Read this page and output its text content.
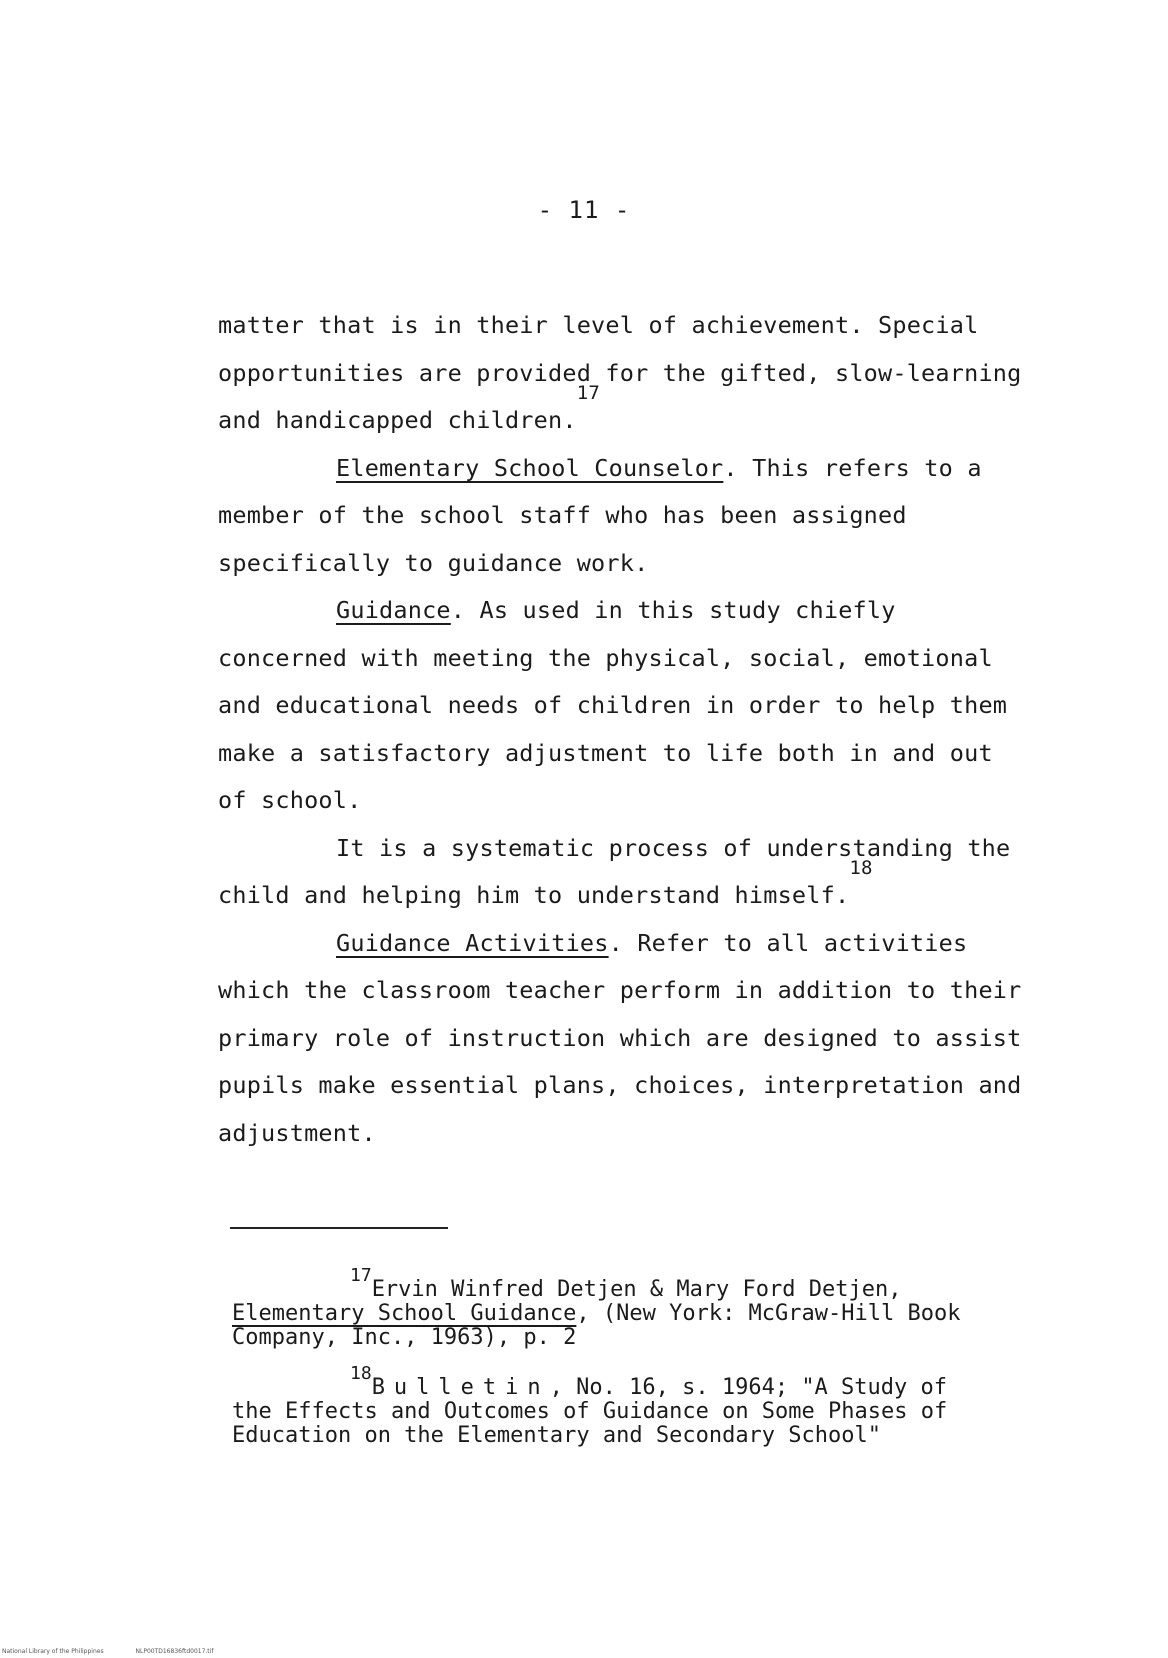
- 11 -
matter that is in their level of achievement. Special
opportunities are provided for the gifted, slow-learning
and handicapped children.$^{17}$
Elementary School Counselor. This refers to a
member of the school staff who has been assigned
specifically to guidance work.
Guidance. As used in this study chiefly
concerned with meeting the physical, social, emotional
and educational needs of children in order to help them
make a satisfactory adjustment to life both in and out
of school.
It is a systematic process of understanding the
child and helping him to understand himself.$^{18}$
Guidance Activities. Refer to all activities
which the classroom teacher perform in addition to their
primary role of instruction which are designed to assist
pupils make essential plans, choices, interpretation and
adjustment.
$^{17}$Ervin Winfred Detjen & Mary Ford Detjen,
Elementary School Guidance, (New York: McGraw-Hill Book
Company, Inc., 1963), p. 2
$^{18}$Bulletin, No. 16, s. 1964; "A Study of
the Effects and Outcomes of Guidance on Some Phases of
Education on the Elementary and Secondary School"
National Library of the Philippines	NLP00TD16836ftd0017.tif
